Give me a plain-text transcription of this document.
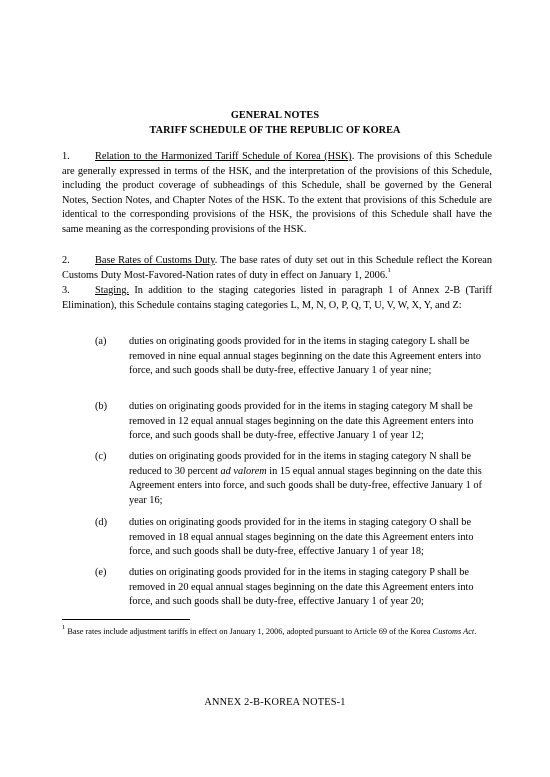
GENERAL NOTES
TARIFF SCHEDULE OF THE REPUBLIC OF KOREA
1. Relation to the Harmonized Tariff Schedule of Korea (HSK). The provisions of this Schedule are generally expressed in terms of the HSK, and the interpretation of the provisions of this Schedule, including the product coverage of subheadings of this Schedule, shall be governed by the General Notes, Section Notes, and Chapter Notes of the HSK. To the extent that provisions of this Schedule are identical to the corresponding provisions of the HSK, the provisions of this Schedule shall have the same meaning as the corresponding provisions of the HSK.
2. Base Rates of Customs Duty. The base rates of duty set out in this Schedule reflect the Korean Customs Duty Most-Favored-Nation rates of duty in effect on January 1, 2006.$^1$
3. Staging. In addition to the staging categories listed in paragraph 1 of Annex 2-B (Tariff Elimination), this Schedule contains staging categories L, M, N, O, P, Q, T, U, V, W, X, Y, and Z:
(a) duties on originating goods provided for in the items in staging category L shall be removed in nine equal annual stages beginning on the date this Agreement enters into force, and such goods shall be duty-free, effective January 1 of year nine;
(b) duties on originating goods provided for in the items in staging category M shall be removed in 12 equal annual stages beginning on the date this Agreement enters into force, and such goods shall be duty-free, effective January 1 of year 12;
(c) duties on originating goods provided for in the items in staging category N shall be reduced to 30 percent ad valorem in 15 equal annual stages beginning on the date this Agreement enters into force, and such goods shall be duty-free, effective January 1 of year 16;
(d) duties on originating goods provided for in the items in staging category O shall be removed in 18 equal annual stages beginning on the date this Agreement enters into force, and such goods shall be duty-free, effective January 1 of year 18;
(e) duties on originating goods provided for in the items in staging category P shall be removed in 20 equal annual stages beginning on the date this Agreement enters into force, and such goods shall be duty-free, effective January 1 of year 20;
$^1$ Base rates include adjustment tariffs in effect on January 1, 2006, adopted pursuant to Article 69 of the Korea Customs Act.
ANNEX 2-B-KOREA NOTES-1
